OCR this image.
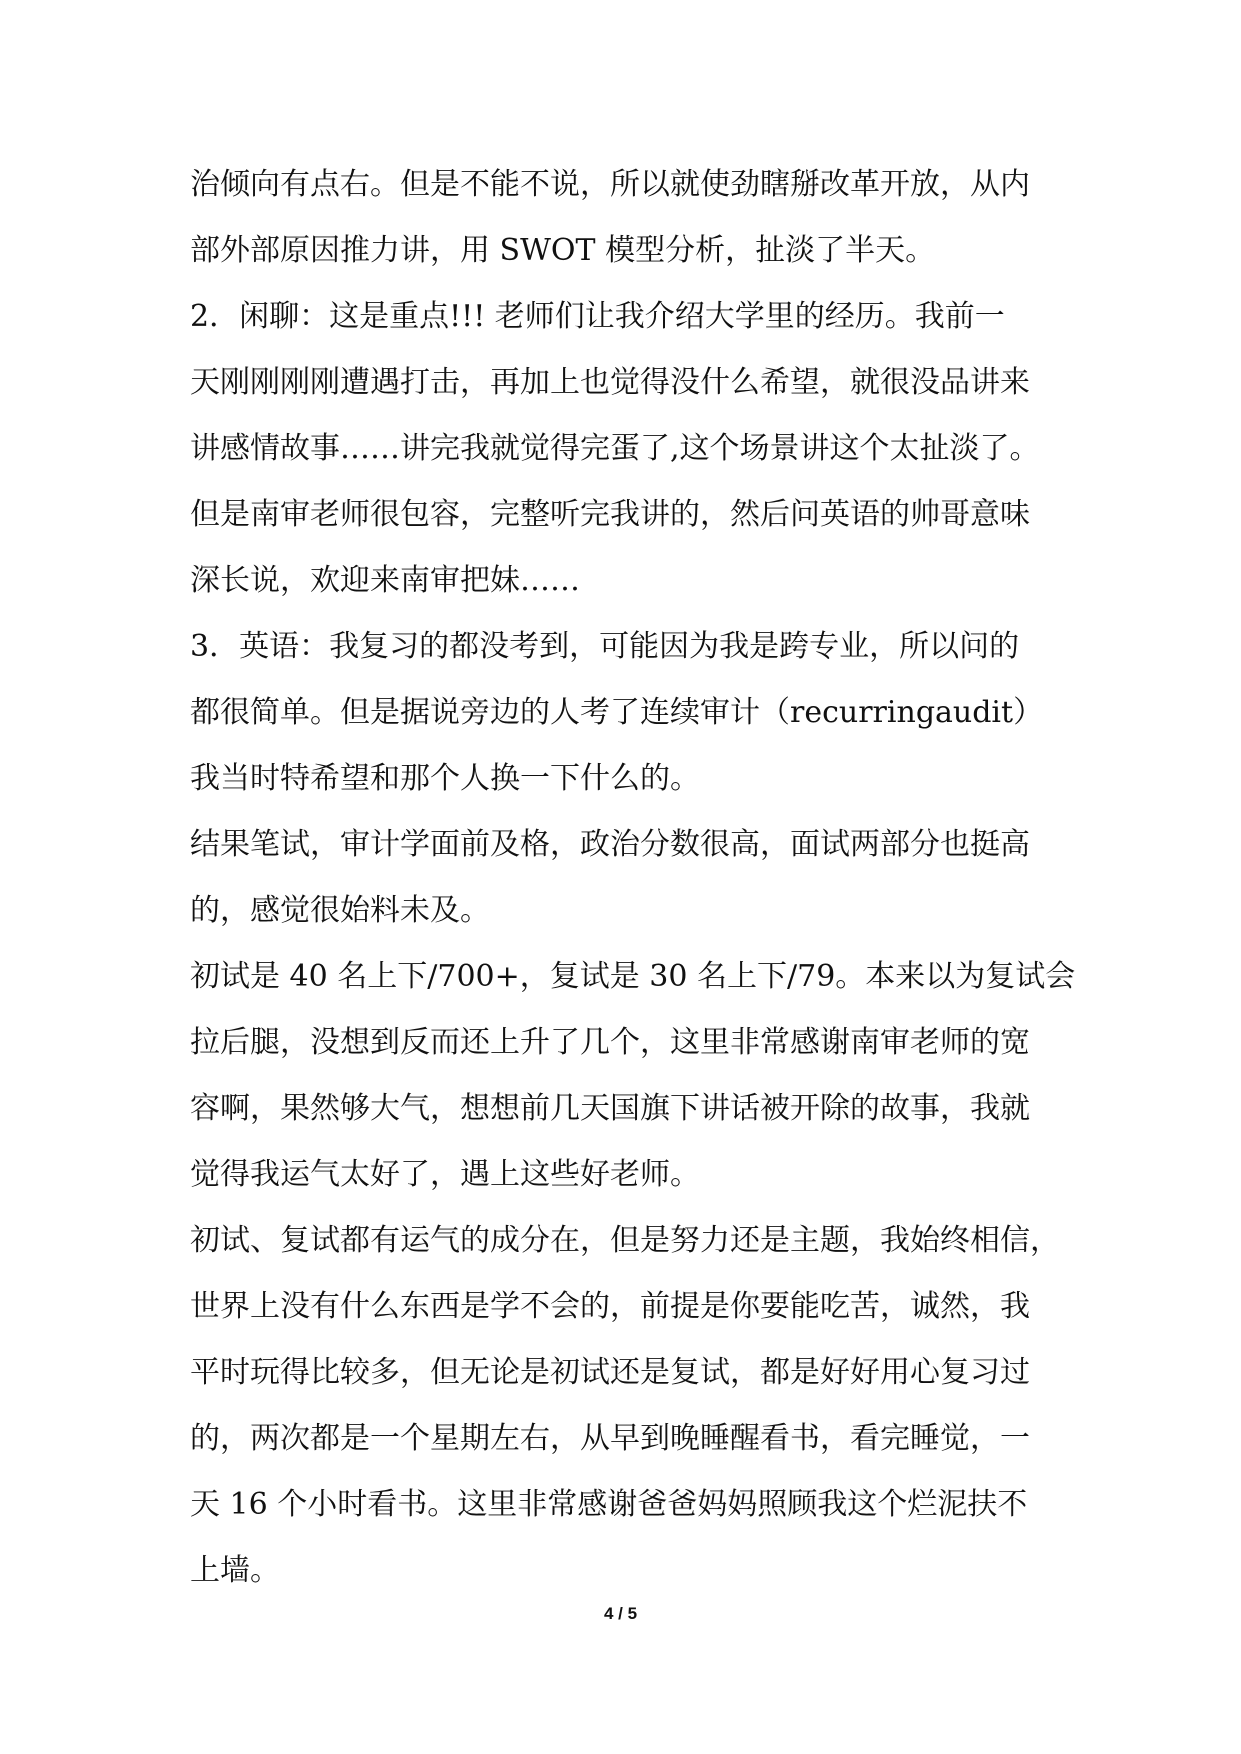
治倾向有点右。但是不能不说，所以就使劲瞎掰改革开放，从内
部外部原因推力讲，用 SWOT 模型分析，扯淡了半天。
2．闲聊：这是重点!!! 老师们让我介绍大学里的经历。我前一
天刚刚刚刚遭遇打击，再加上也觉得没什么希望，就很没品讲来
讲感情故事……讲完我就觉得完蛋了,这个场景讲这个太扯淡了。
但是南审老师很包容，完整听完我讲的，然后问英语的帅哥意味
深长说，欢迎来南审把妹……
3．英语：我复习的都没考到，可能因为我是跨专业，所以问的
都很简单。但是据说旁边的人考了连续审计（recurringaudit）
我当时特希望和那个人换一下什么的。
结果笔试，审计学面前及格，政治分数很高，面试两部分也挺高
的，感觉很始料未及。
初试是 40 名上下/700+，复试是 30 名上下/79。本来以为复试会
拉后腿，没想到反而还上升了几个，这里非常感谢南审老师的宽
容啊，果然够大气，想想前几天国旗下讲话被开除的故事，我就
觉得我运气太好了，遇上这些好老师。
初试、复试都有运气的成分在，但是努力还是主题，我始终相信，
世界上没有什么东西是学不会的，前提是你要能吃苦，诚然，我
平时玩得比较多，但无论是初试还是复试，都是好好用心复习过
的，两次都是一个星期左右，从早到晚睡醒看书，看完睡觉，一
天 16 个小时看书。这里非常感谢爸爸妈妈照顾我这个烂泥扶不
上墙。
4 / 5
